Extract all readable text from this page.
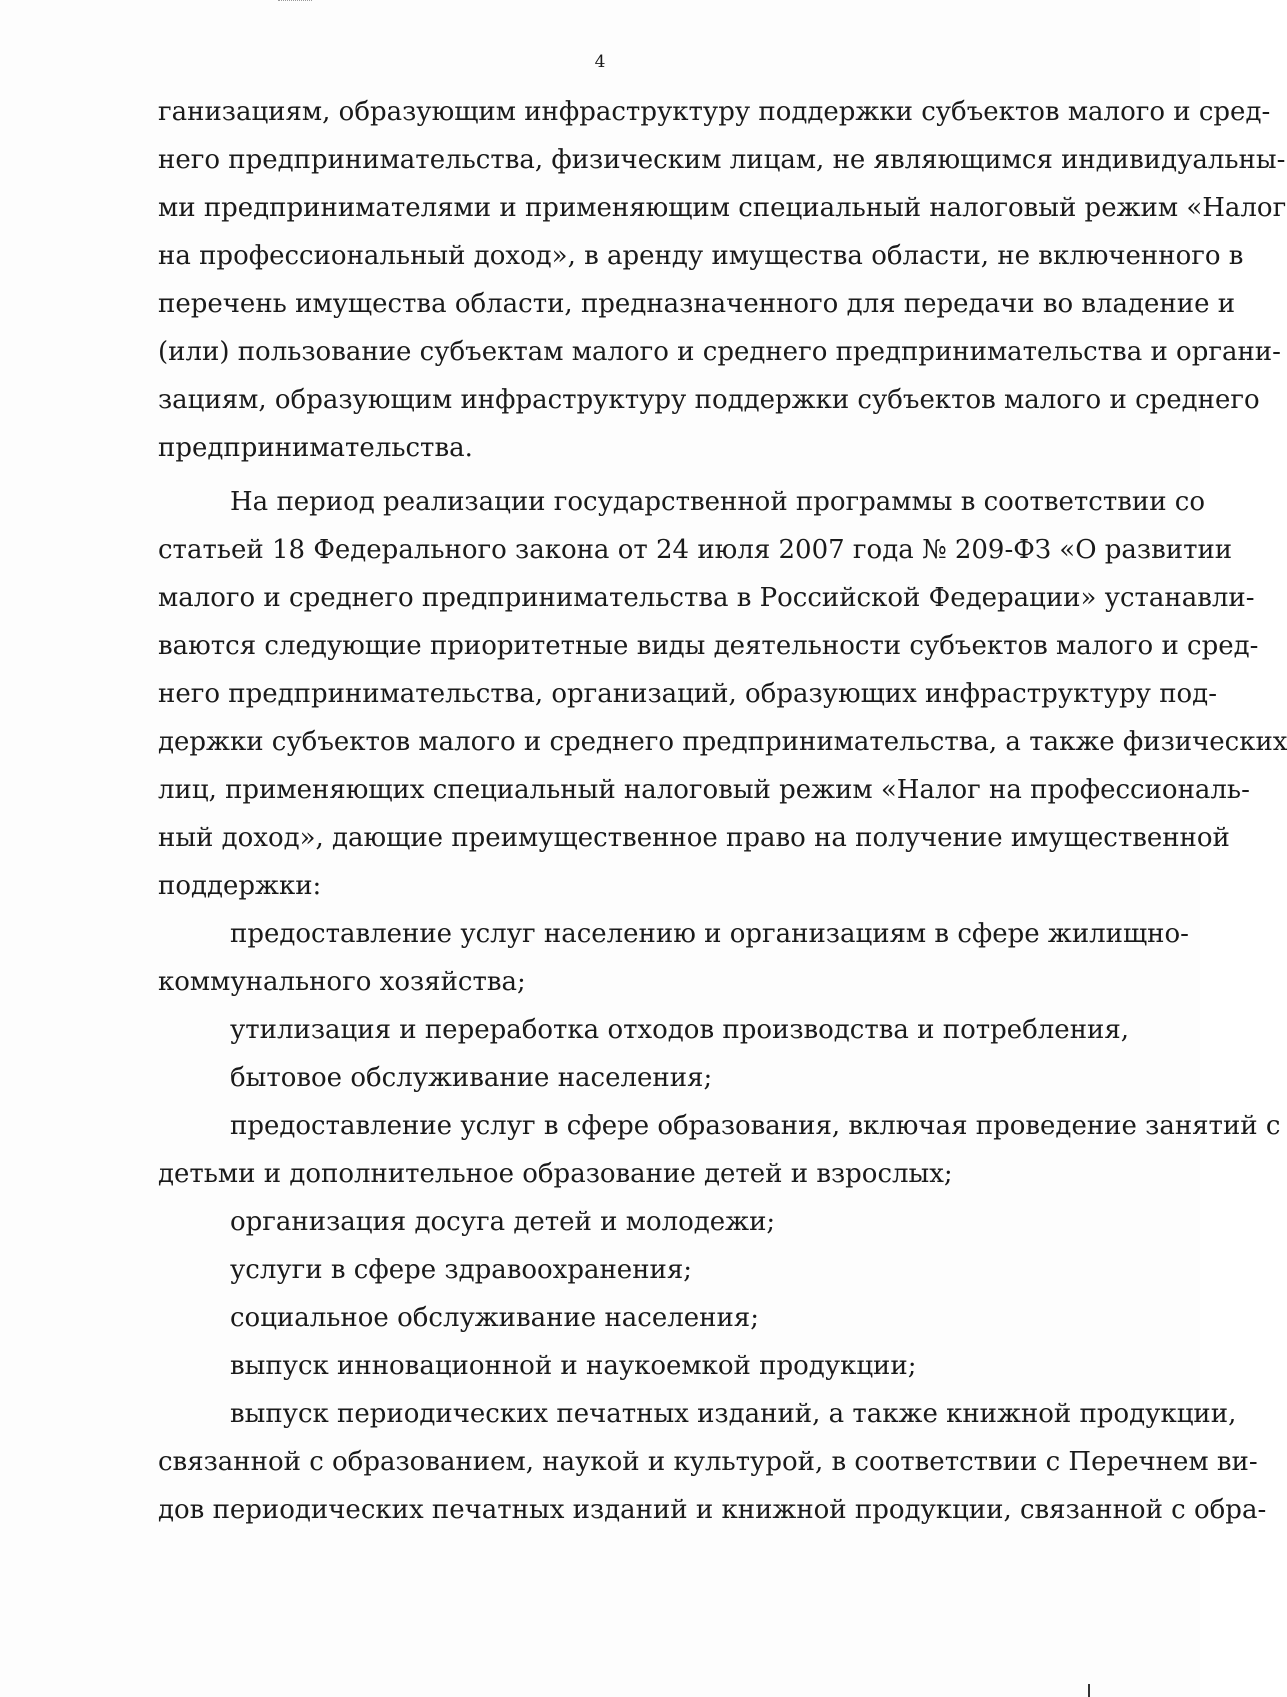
4
ганизациям, образующим инфраструктуру поддержки субъектов малого и сред-
него предпринимательства, физическим лицам, не являющимся индивидуальны-
ми предпринимателями и применяющим специальный налоговый режим «Налог
на профессиональный доход», в аренду имущества области, не включенного в
перечень имущества области, предназначенного для передачи во владение и
(или) пользование субъектам малого и среднего предпринимательства и органи-
зациям, образующим инфраструктуру поддержки субъектов малого и среднего
предпринимательства.
На период реализации государственной программы в соответствии со
статьей 18 Федерального закона от 24 июля 2007 года № 209-ФЗ «О развитии
малого и среднего предпринимательства в Российской Федерации» устанавли-
ваются следующие приоритетные виды деятельности субъектов малого и сред-
него предпринимательства, организаций, образующих инфраструктуру под-
держки субъектов малого и среднего предпринимательства, а также физических
лиц, применяющих специальный налоговый режим «Налог на профессиональ-
ный доход», дающие преимущественное право на получение имущественной
поддержки:
предоставление услуг населению и организациям в сфере жилищно-
коммунального хозяйства;
утилизация и переработка отходов производства и потребления,
бытовое обслуживание населения;
предоставление услуг в сфере образования, включая проведение занятий с
детьми и дополнительное образование детей и взрослых;
организация досуга детей и молодежи;
услуги в сфере здравоохранения;
социальное обслуживание населения;
выпуск инновационной и наукоемкой продукции;
выпуск периодических печатных изданий, а также книжной продукции,
связанной с образованием, наукой и культурой, в соответствии с Перечнем ви-
дов периодических печатных изданий и книжной продукции, связанной с обра-
